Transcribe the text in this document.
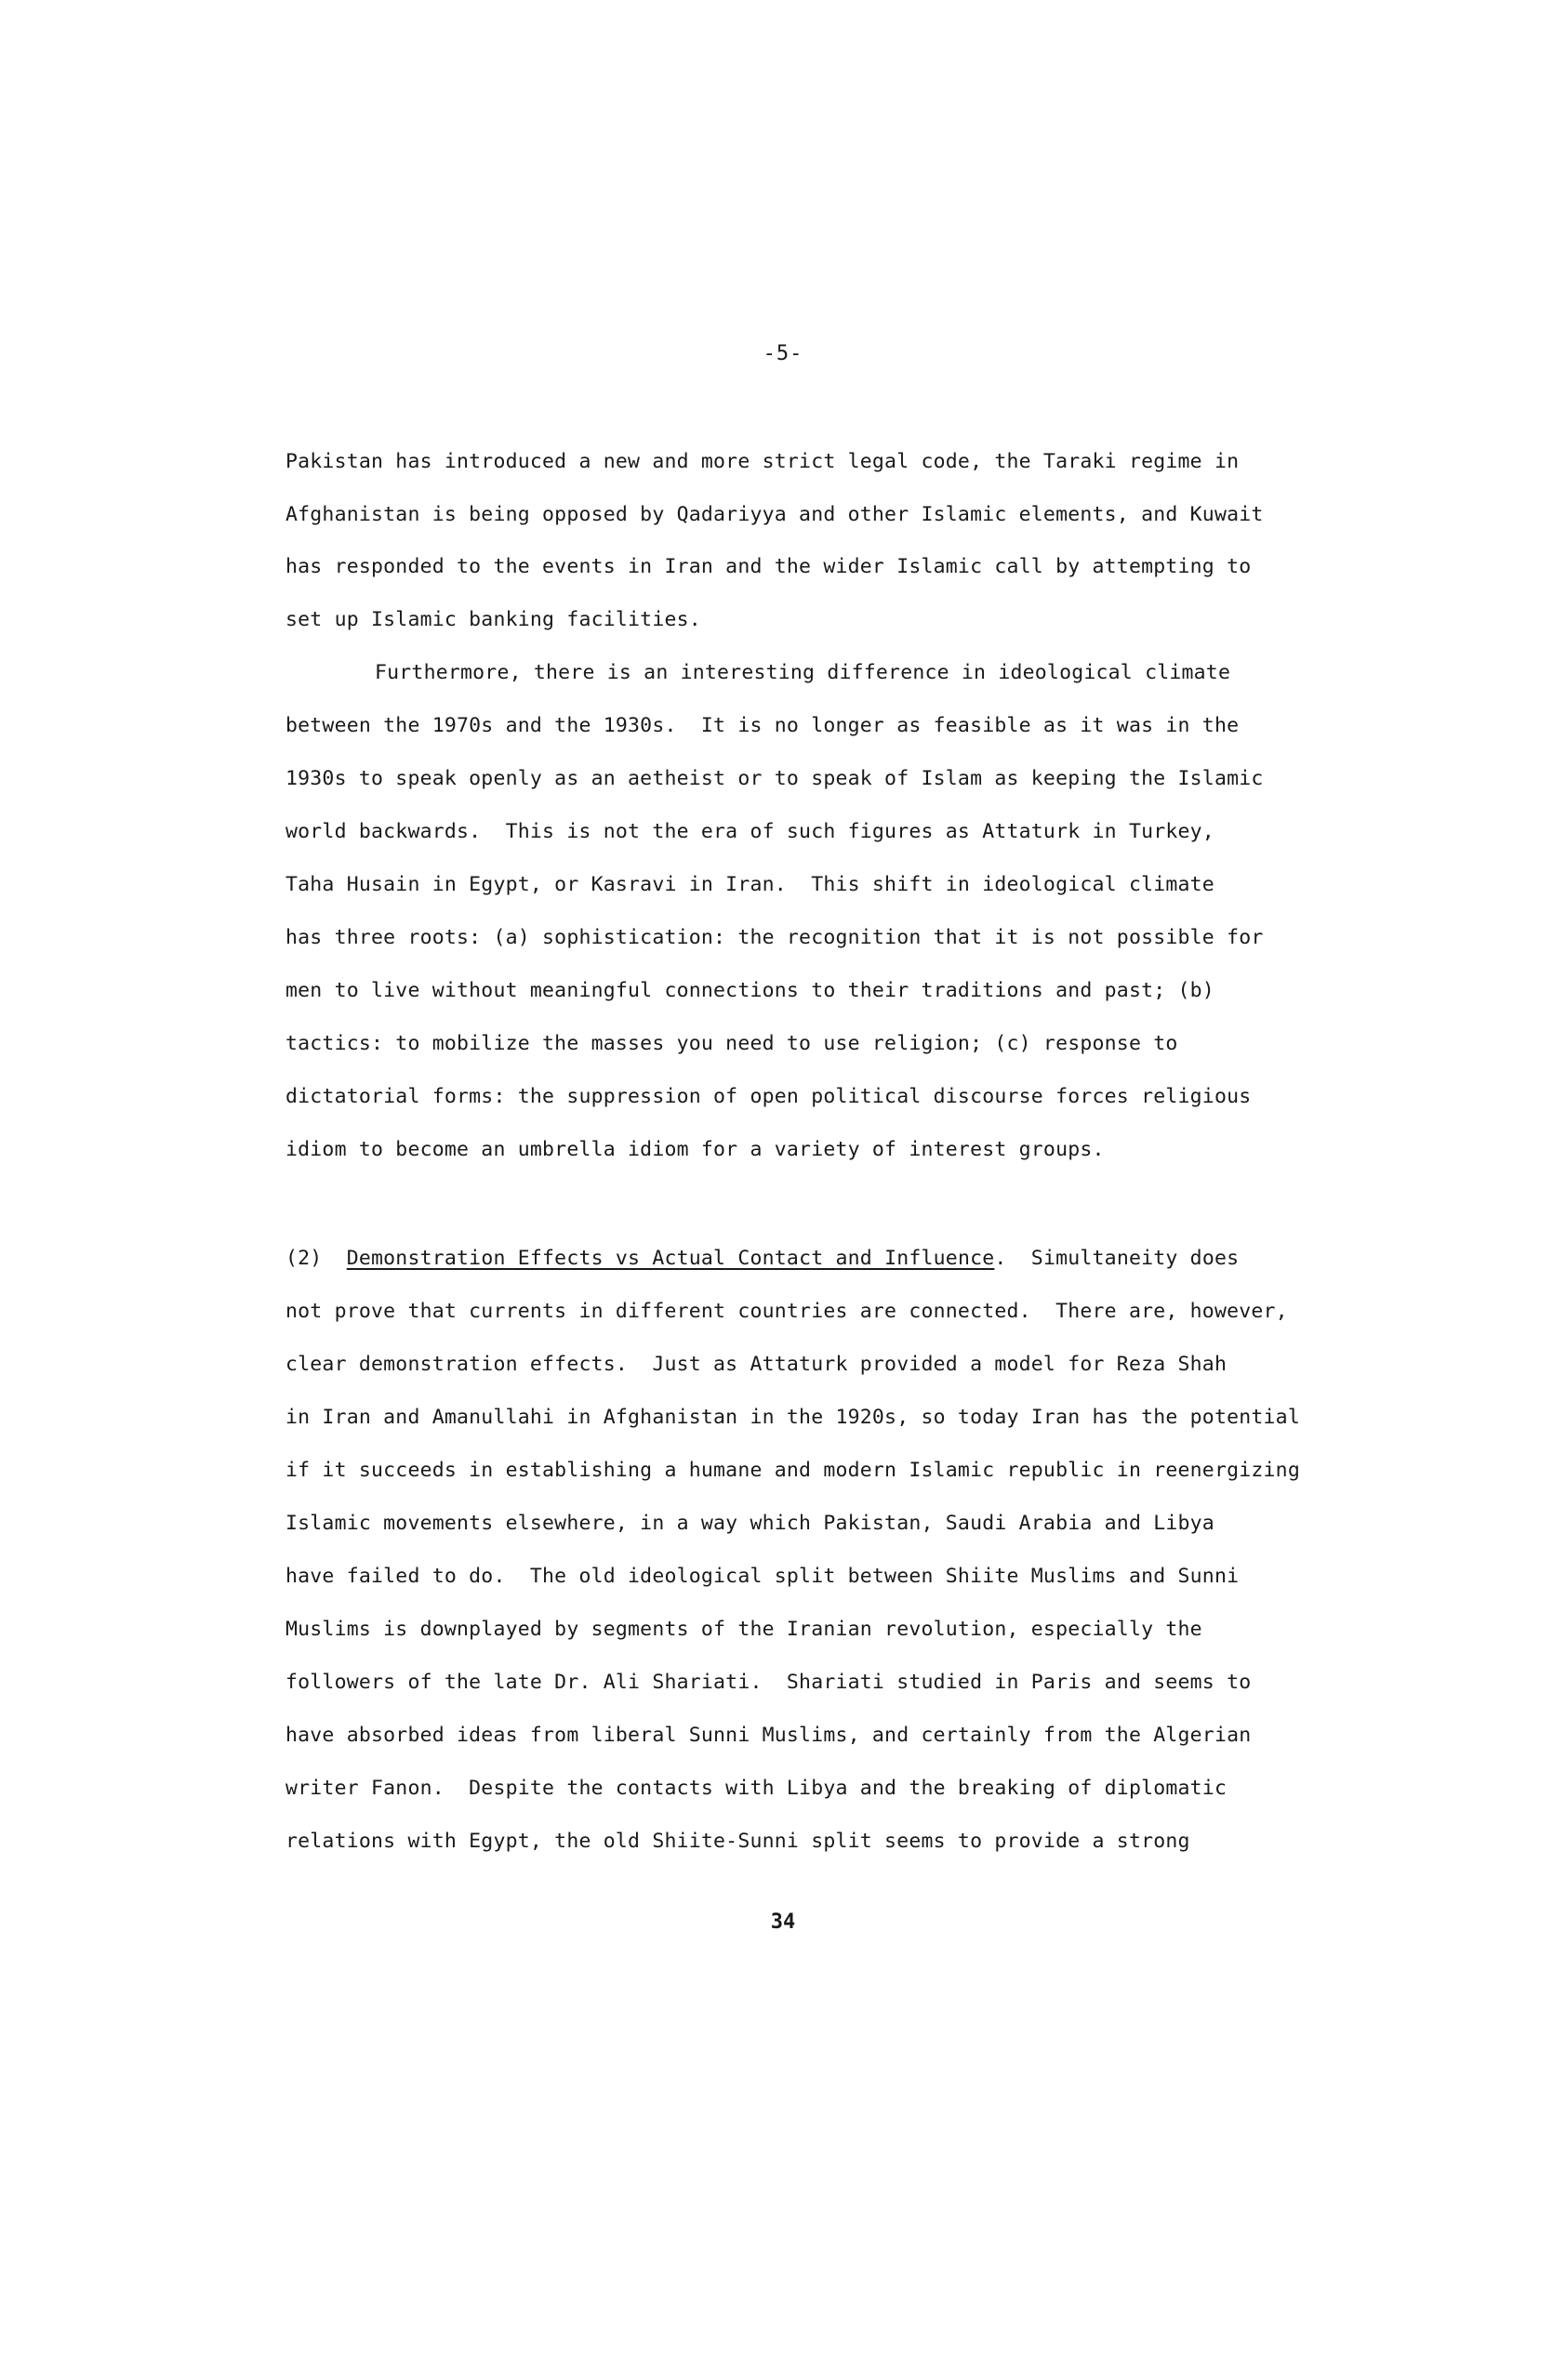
-5-
Pakistan has introduced a new and more strict legal code, the Taraki regime in
Afghanistan is being opposed by Qadariyya and other Islamic elements, and Kuwait
has responded to the events in Iran and the wider Islamic call by attempting to
set up Islamic banking facilities.
Furthermore, there is an interesting difference in ideological climate
between the 1970s and the 1930s.  It is no longer as feasible as it was in the
1930s to speak openly as an aetheist or to speak of Islam as keeping the Islamic
world backwards.  This is not the era of such figures as Attaturk in Turkey,
Taha Husain in Egypt, or Kasravi in Iran.  This shift in ideological climate
has three roots: (a) sophistication: the recognition that it is not possible for
men to live without meaningful connections to their traditions and past; (b)
tactics: to mobilize the masses you need to use religion; (c) response to
dictatorial forms: the suppression of open political discourse forces religious
idiom to become an umbrella idiom for a variety of interest groups.
(2) Demonstration Effects vs Actual Contact and Influence.  Simultaneity does
not prove that currents in different countries are connected.  There are, however,
clear demonstration effects.  Just as Attaturk provided a model for Reza Shah
in Iran and Amanullahi in Afghanistan in the 1920s, so today Iran has the potential
if it succeeds in establishing a humane and modern Islamic republic in reenergizing
Islamic movements elsewhere, in a way which Pakistan, Saudi Arabia and Libya
have failed to do.  The old ideological split between Shiite Muslims and Sunni
Muslims is downplayed by segments of the Iranian revolution, especially the
followers of the late Dr. Ali Shariati.  Shariati studied in Paris and seems to
have absorbed ideas from liberal Sunni Muslims, and certainly from the Algerian
writer Fanon.  Despite the contacts with Libya and the breaking of diplomatic
relations with Egypt, the old Shiite-Sunni split seems to provide a strong
34
